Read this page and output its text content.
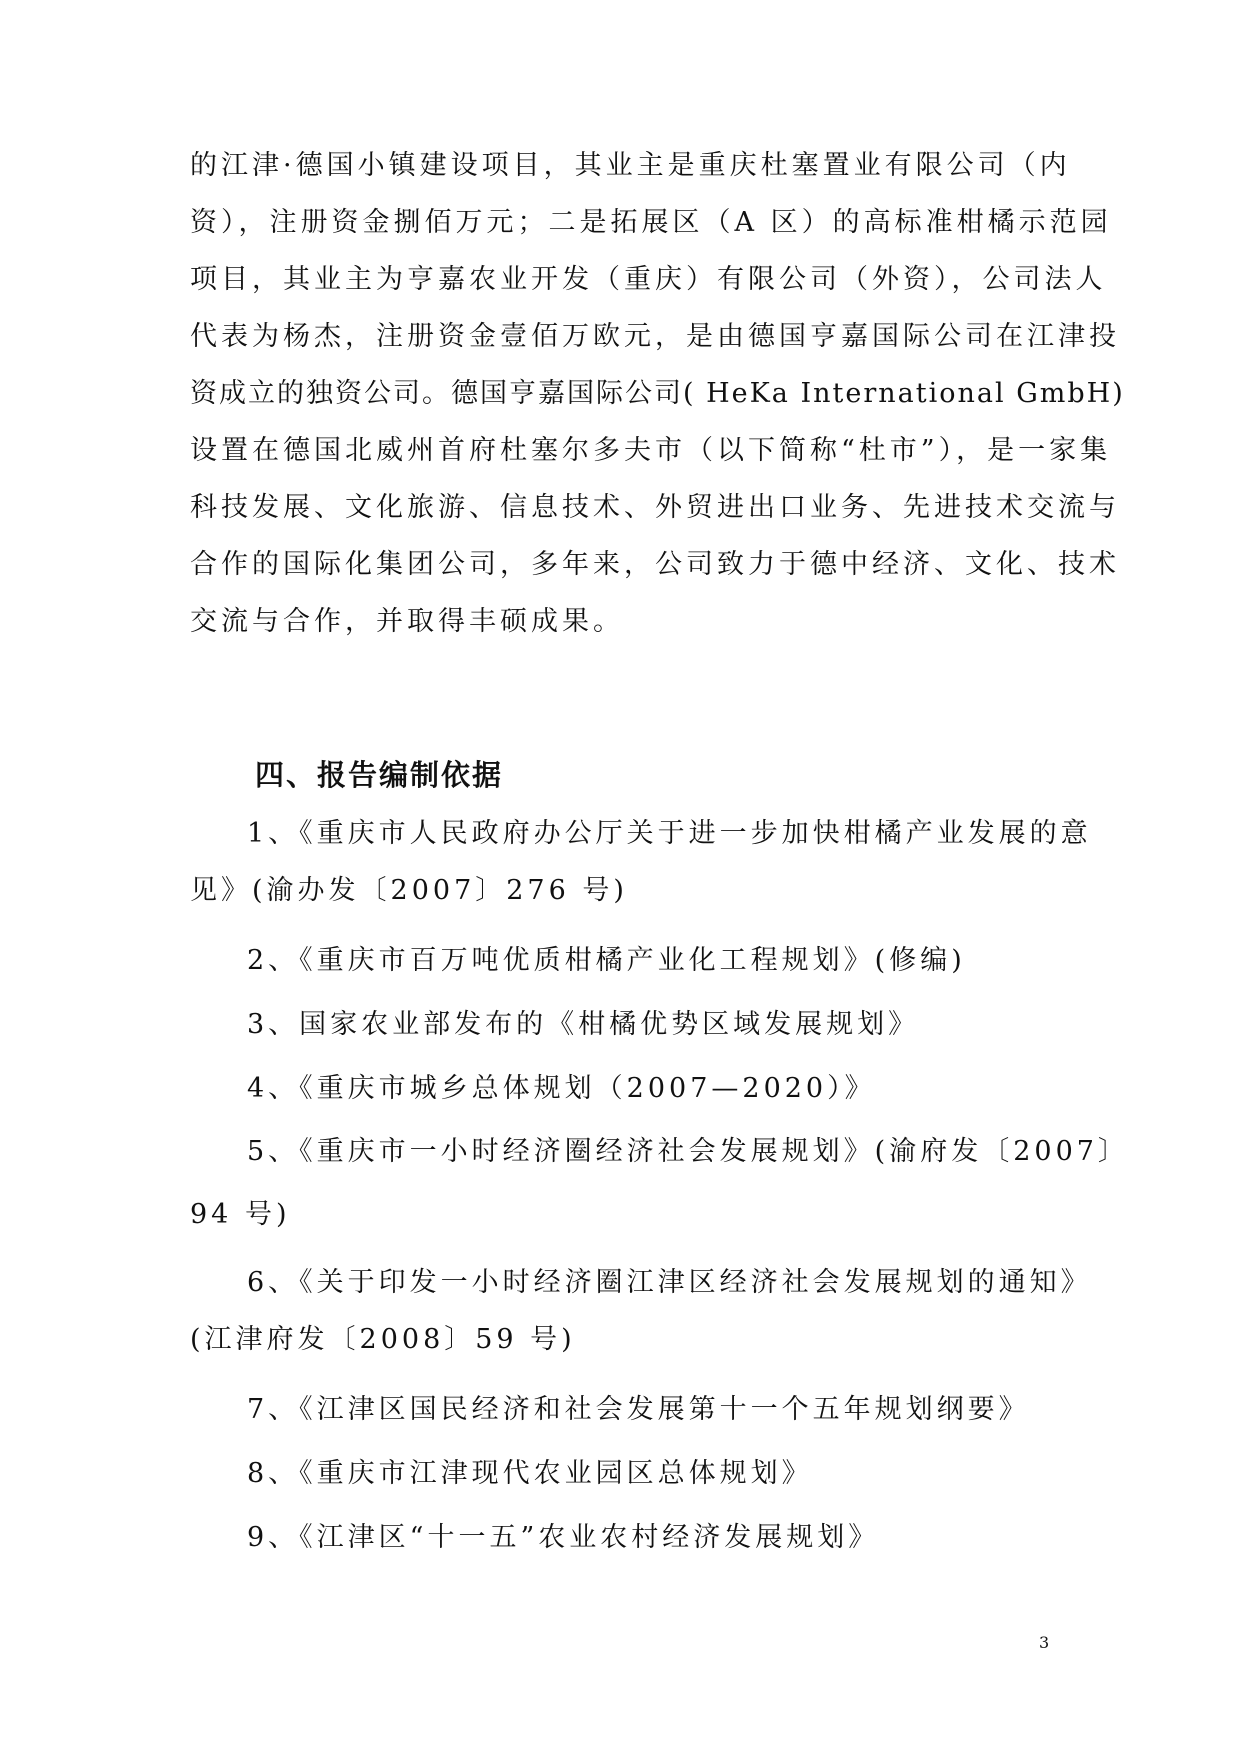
的江津·德国小镇建设项目，其业主是重庆杜塞置业有限公司（内
资），注册资金捌佰万元；二是拓展区（A 区）的高标准柑橘示范园
项目，其业主为亨嘉农业开发（重庆）有限公司（外资），公司法人
代表为杨杰，注册资金壹佰万欧元，是由德国亨嘉国际公司在江津投
资成立的独资公司。德国亨嘉国际公司( HeKa International GmbH)
设置在德国北威州首府杜塞尔多夫市（以下简称“杜市”），是一家集
科技发展、文化旅游、信息技术、外贸进出口业务、先进技术交流与
合作的国际化集团公司，多年来，公司致力于德中经济、文化、技术
交流与合作，并取得丰硕成果。
四、报告编制依据
1、《重庆市人民政府办公厅关于进一步加快柑橘产业发展的意
见》(渝办发〔2007〕276 号)
2、《重庆市百万吨优质柑橘产业化工程规划》(修编)
3、国家农业部发布的《柑橘优势区域发展规划》
4、《重庆市城乡总体规划（2007—2020）》
5、《重庆市一小时经济圈经济社会发展规划》(渝府发〔2007〕
94 号)
6、《关于印发一小时经济圈江津区经济社会发展规划的通知》
(江津府发〔2008〕59 号)
7、《江津区国民经济和社会发展第十一个五年规划纲要》
8、《重庆市江津现代农业园区总体规划》
9、《江津区“十一五”农业农村经济发展规划》
3
